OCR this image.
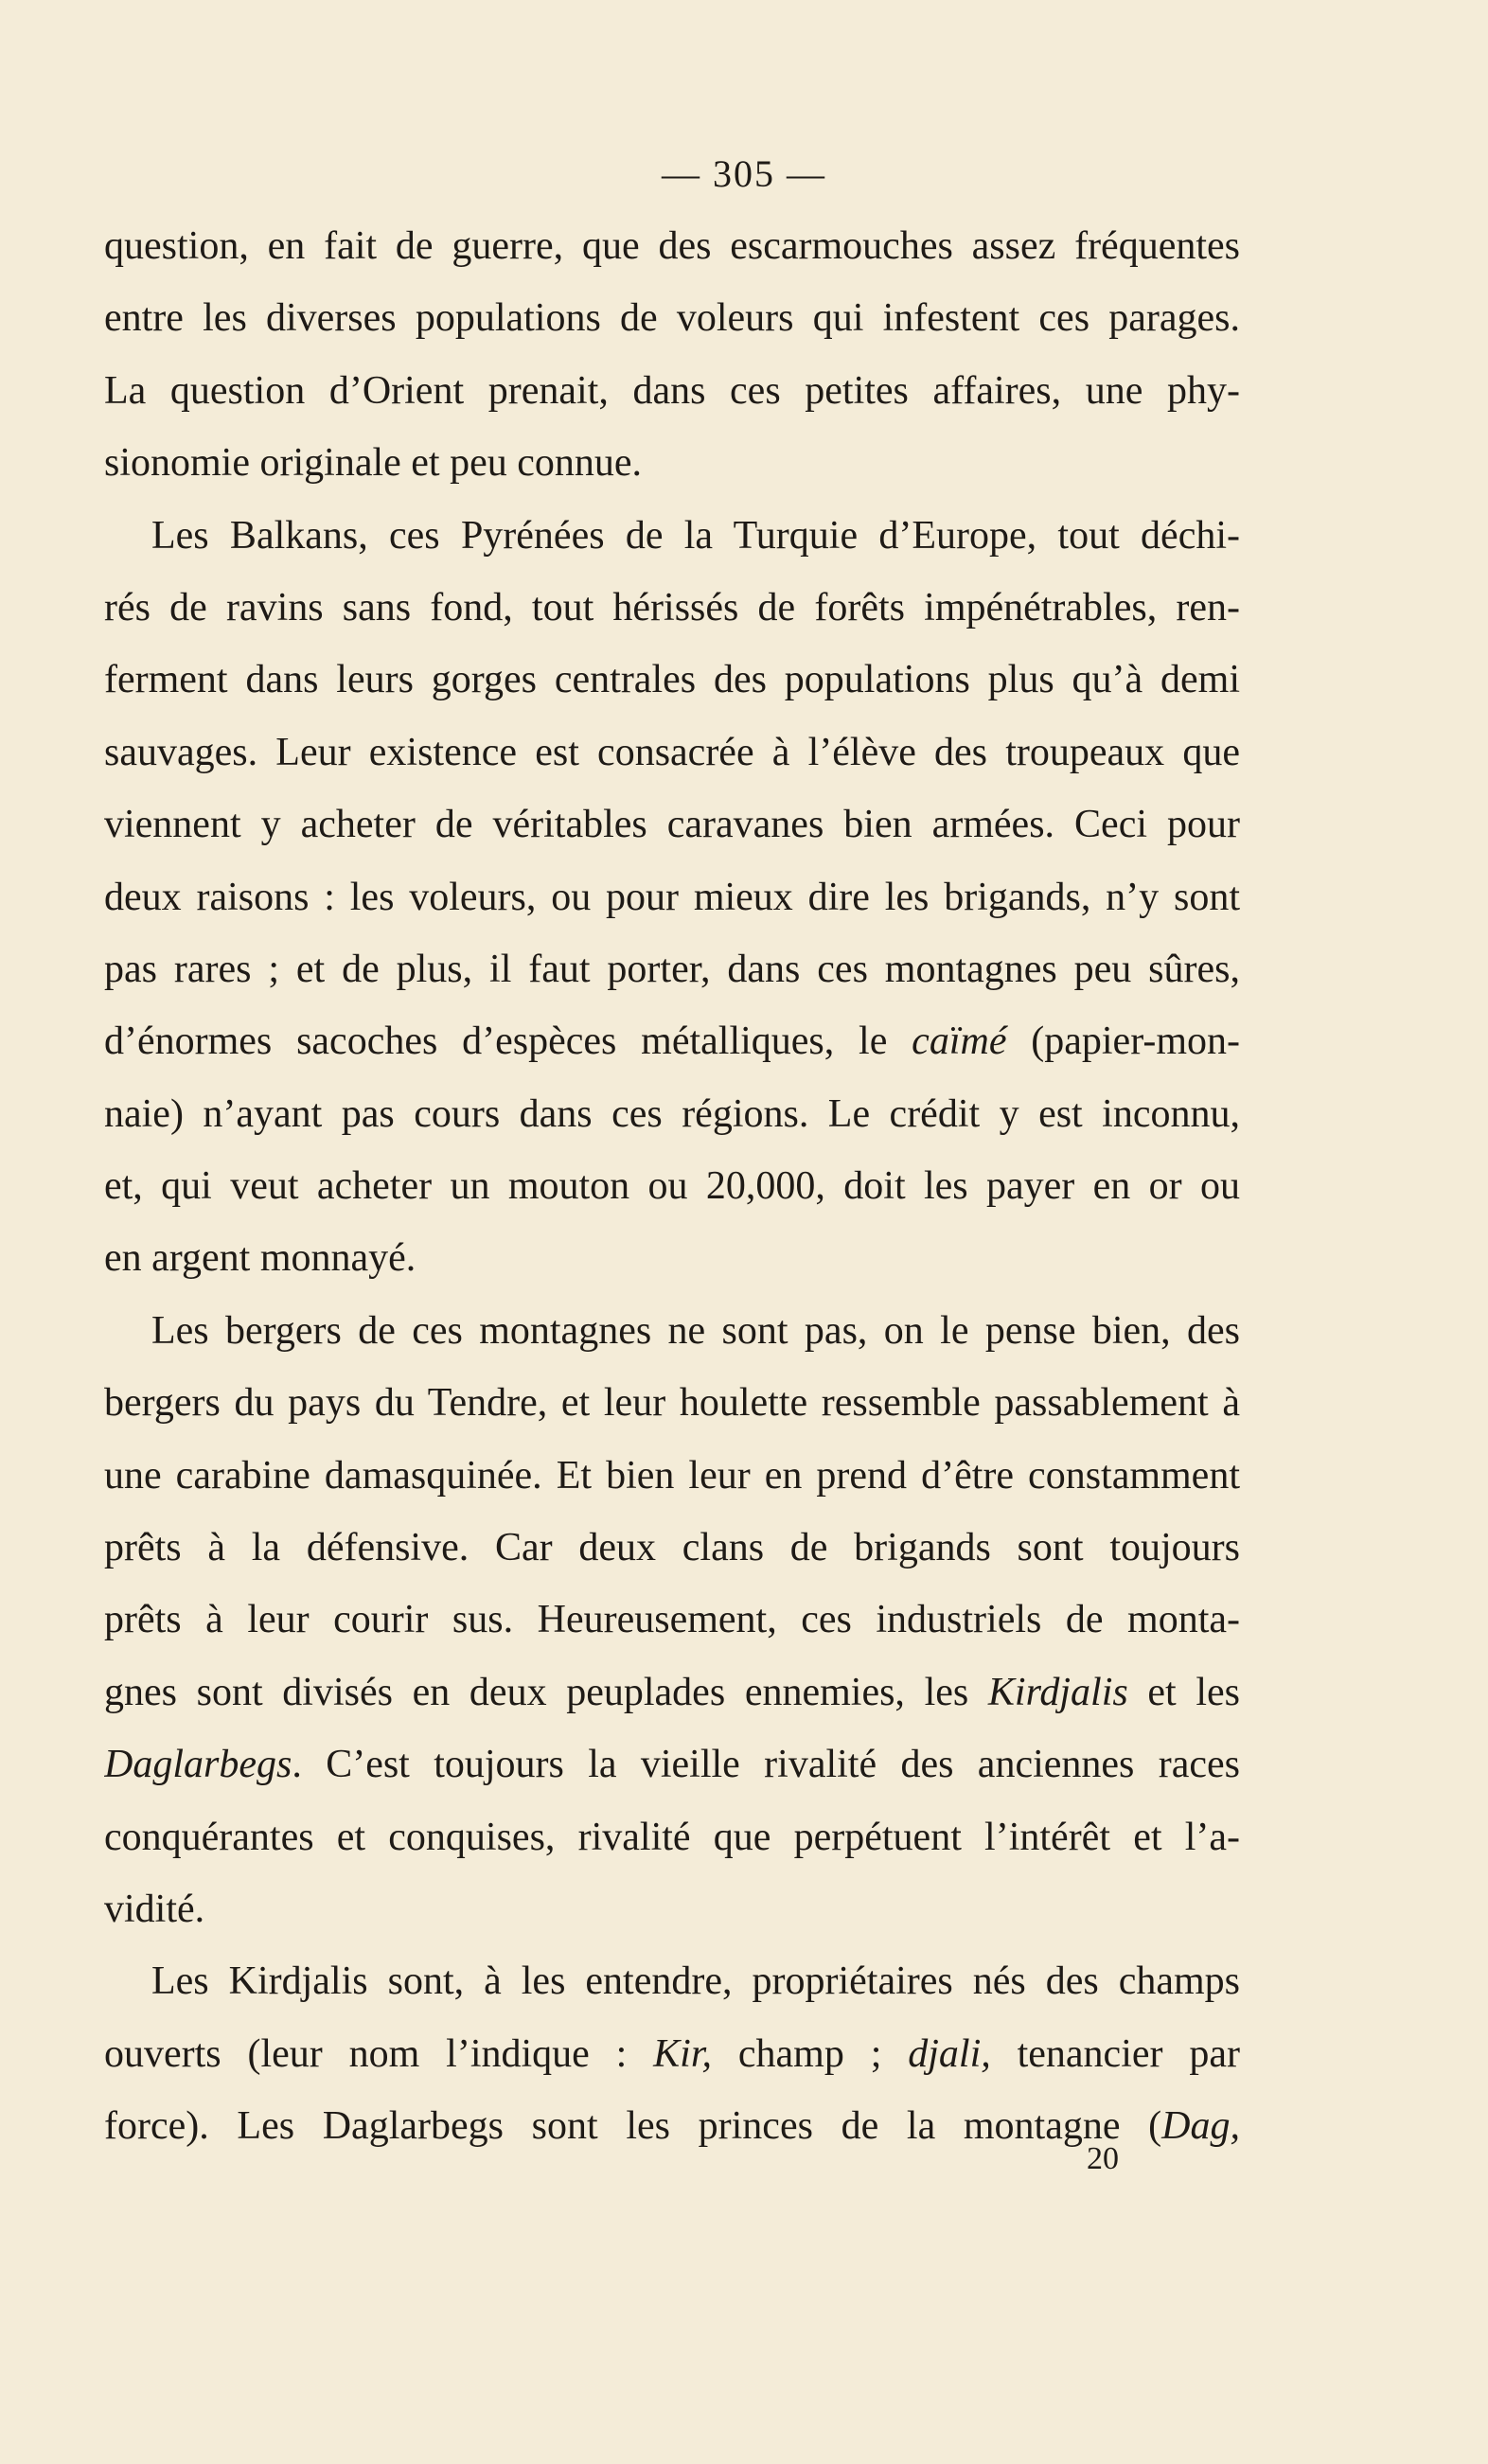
— 305 —
question, en fait de guerre, que des escarmouches assez fréquentes
entre les diverses populations de voleurs qui infestent ces parages.
La question d’Orient prenait, dans ces petites affaires, une phy-
sionomie originale et peu connue.
Les Balkans, ces Pyrénées de la Turquie d’Europe, tout déchi-
rés de ravins sans fond, tout hérissés de forêts impénétrables, ren-
ferment dans leurs gorges centrales des populations plus qu’à demi
sauvages. Leur existence est consacrée à l’élève des troupeaux que
viennent y acheter de véritables caravanes bien armées. Ceci pour
deux raisons : les voleurs, ou pour mieux dire les brigands, n’y sont
pas rares ; et de plus, il faut porter, dans ces montagnes peu sûres,
d’énormes sacoches d’espèces métalliques, le caïmé (papier-mon-
naie) n’ayant pas cours dans ces régions. Le crédit y est inconnu,
et, qui veut acheter un mouton ou 20,000, doit les payer en or ou
en argent monnayé.
Les bergers de ces montagnes ne sont pas, on le pense bien, des
bergers du pays du Tendre, et leur houlette ressemble passablement à
une carabine damasquinée. Et bien leur en prend d’être constamment
prêts à la défensive. Car deux clans de brigands sont toujours
prêts à leur courir sus. Heureusement, ces industriels de monta-
gnes sont divisés en deux peuplades ennemies, les Kirdjalis et les
Daglarbegs. C’est toujours la vieille rivalité des anciennes races
conquérantes et conquises, rivalité que perpétuent l’intérêt et l’a-
vidité.
Les Kirdjalis sont, à les entendre, propriétaires nés des champs
ouverts (leur nom l’indique : Kir, champ ; djali, tenancier par
force). Les Daglarbegs sont les princes de la montagne (Dag,
20
